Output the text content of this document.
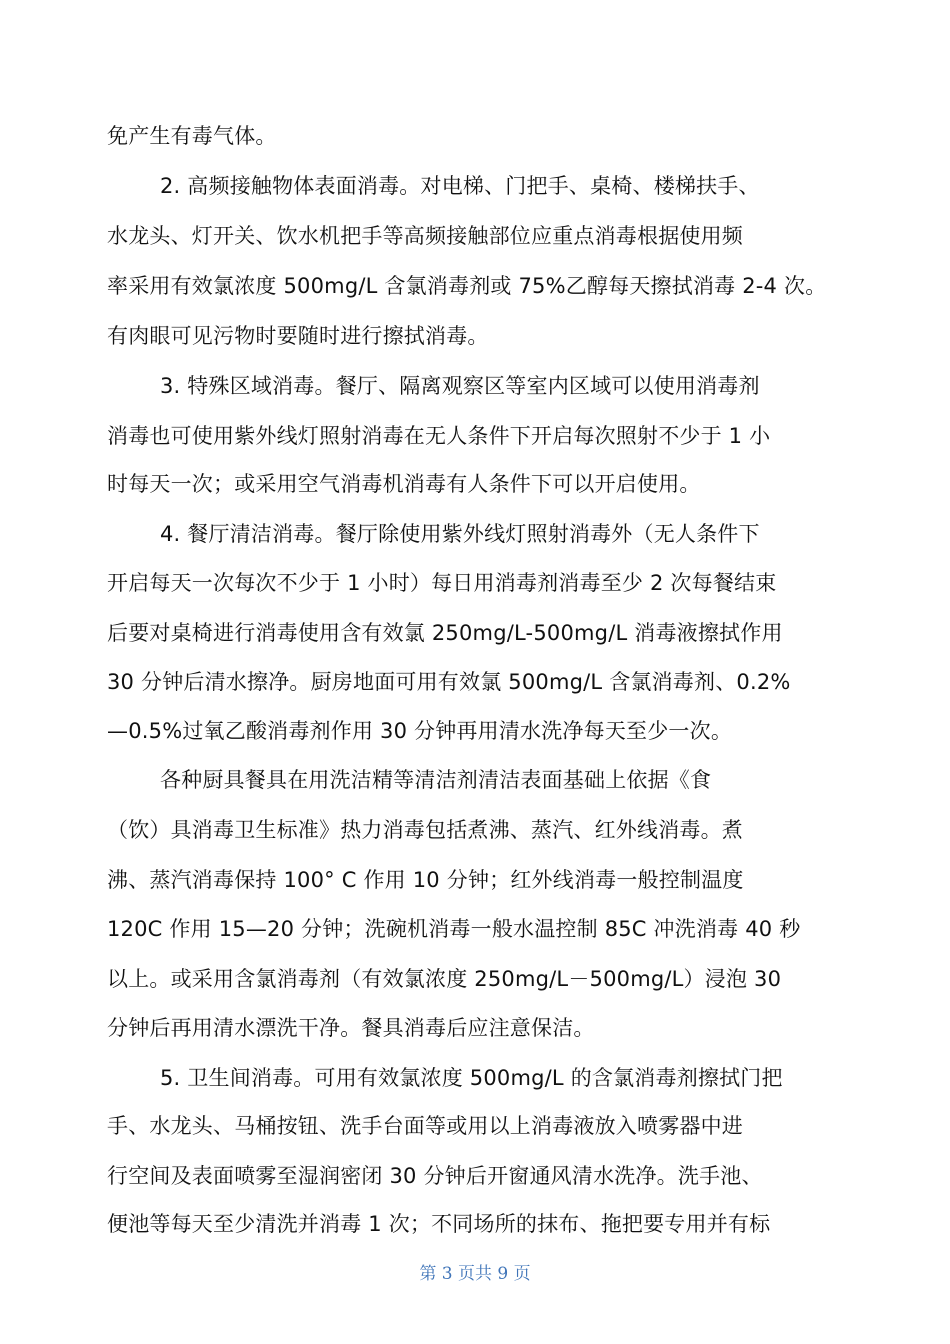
免产生有毒气体。
2. 高频接触物体表面消毒。对电梯、门把手、桌椅、楼梯扶手、
水龙头、灯开关、饮水机把手等高频接触部位应重点消毒根据使用频
率采用有效氯浓度 500mg/L 含氯消毒剂或 75%乙醇每天擦拭消毒 2-4 次。
有肉眼可见污物时要随时进行擦拭消毒。
3. 特殊区域消毒。餐厅、隔离观察区等室内区域可以使用消毒剂
消毒也可使用紫外线灯照射消毒在无人条件下开启每次照射不少于 1 小
时每天一次；或采用空气消毒机消毒有人条件下可以开启使用。
4. 餐厅清洁消毒。餐厅除使用紫外线灯照射消毒外（无人条件下
开启每天一次每次不少于 1 小时）每日用消毒剂消毒至少 2 次每餐结束
后要对桌椅进行消毒使用含有效氯 250mg/L-500mg/L 消毒液擦拭作用
30 分钟后清水擦净。厨房地面可用有效氯 500mg/L 含氯消毒剂、0.2%
—0.5%过氧乙酸消毒剂作用 30 分钟再用清水洗净每天至少一次。
各种厨具餐具在用洗洁精等清洁剂清洁表面基础上依据《食
（饮）具消毒卫生标准》热力消毒包括煮沸、蒸汽、红外线消毒。煮
沸、蒸汽消毒保持 100° C 作用 10 分钟；红外线消毒一般控制温度
120C 作用 15—20 分钟；洗碗机消毒一般水温控制 85C 冲洗消毒 40 秒
以上。或采用含氯消毒剂（有效氯浓度 250mg/L－500mg/L）浸泡 30
分钟后再用清水漂洗干净。餐具消毒后应注意保洁。
5. 卫生间消毒。可用有效氯浓度 500mg/L 的含氯消毒剂擦拭门把
手、水龙头、马桶按钮、洗手台面等或用以上消毒液放入喷雾器中进
行空间及表面喷雾至湿润密闭 30 分钟后开窗通风清水洗净。洗手池、
便池等每天至少清洗并消毒 1 次；不同场所的抹布、拖把要专用并有标
第 3 页共 9 页
